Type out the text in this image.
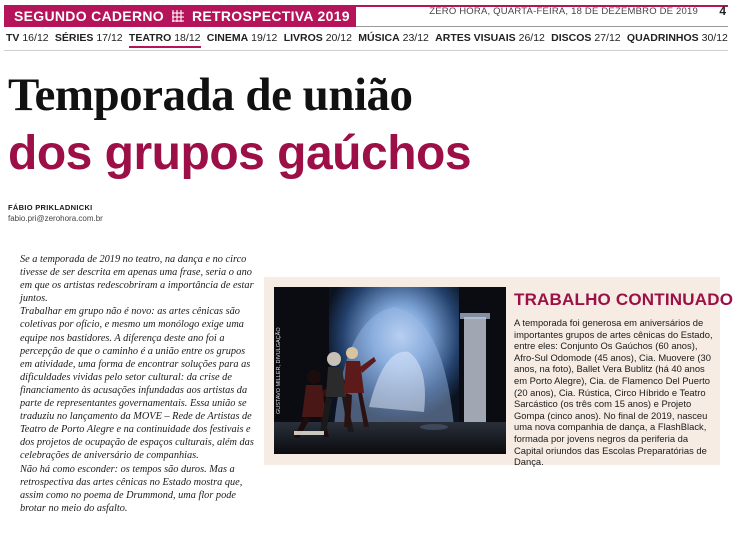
SEGUNDO CADERNO RETROSPECTIVA 2019	ZERO HORA, QUARTA-FEIRA, 18 DE DEZEMBRO DE 2019 4
TV 16/12 SÉRIES 17/12 TEATRO 18/12 CINEMA 19/12 LIVROS 20/12 MÚSICA 23/12 ARTES VISUAIS 26/12 DISCOS 27/12 QUADRINHOS 30/12
Temporada de união
dos grupos gaúchos
FÁBIO PRIKLADNICKI
fabio.pri@zerohora.com.br

Se a temporada de 2019 no teatro, na dança e no circo tivesse de ser descrita em apenas uma frase, seria o ano em que os artistas redescobriram a importância de estar juntos.

Trabalhar em grupo não é novo: as artes cênicas são coletivas por ofício, e mesmo um monólogo exige uma equipe nos bastidores. A diferença deste ano foi a percepção de que o caminho é a união entre os grupos em atividade, uma forma de encontrar soluções para as dificuldades vividas pelo setor cultural: da crise de financiamento às acusações infundadas aos artistas da parte de representantes governamentais. Essa união se traduziu no lançamento da MOVE – Rede de Artistas de Teatro de Porto Alegre e na continuidade dos festivais e dos projetos de ocupação de espaços culturais, além das celebrações de aniversário de companhias.

Não há como esconder: os tempos são duros. Mas a retrospectiva das artes cênicas no Estado mostra que, assim como no poema de Drummond, uma flor pode brotar no meio do asfalto.

GUSTAVO MILLER, DIVULGAÇÃO
TRABALHO CONTINUADO
A temporada foi generosa em aniversários de importantes grupos de artes cênicas do Estado, entre eles: Conjunto Os Gaúchos (60 anos), Afro-Sul Odomode (45 anos), Cia. Muovere (30 anos, na foto), Ballet Vera Bublitz (há 40 anos em Porto Alegre), Cia. de Flamenco Del Puerto (20 anos), Cia. Rústica, Circo Híbrido e Teatro Sarcástico (os três com 15 anos) e Projeto Gompa (cinco anos). No final de 2019, nasceu uma nova companhia de dança, a FlashBlack, formada por jovens negros da periferia da Capital oriundos das Escolas Preparatórias de Dança.
